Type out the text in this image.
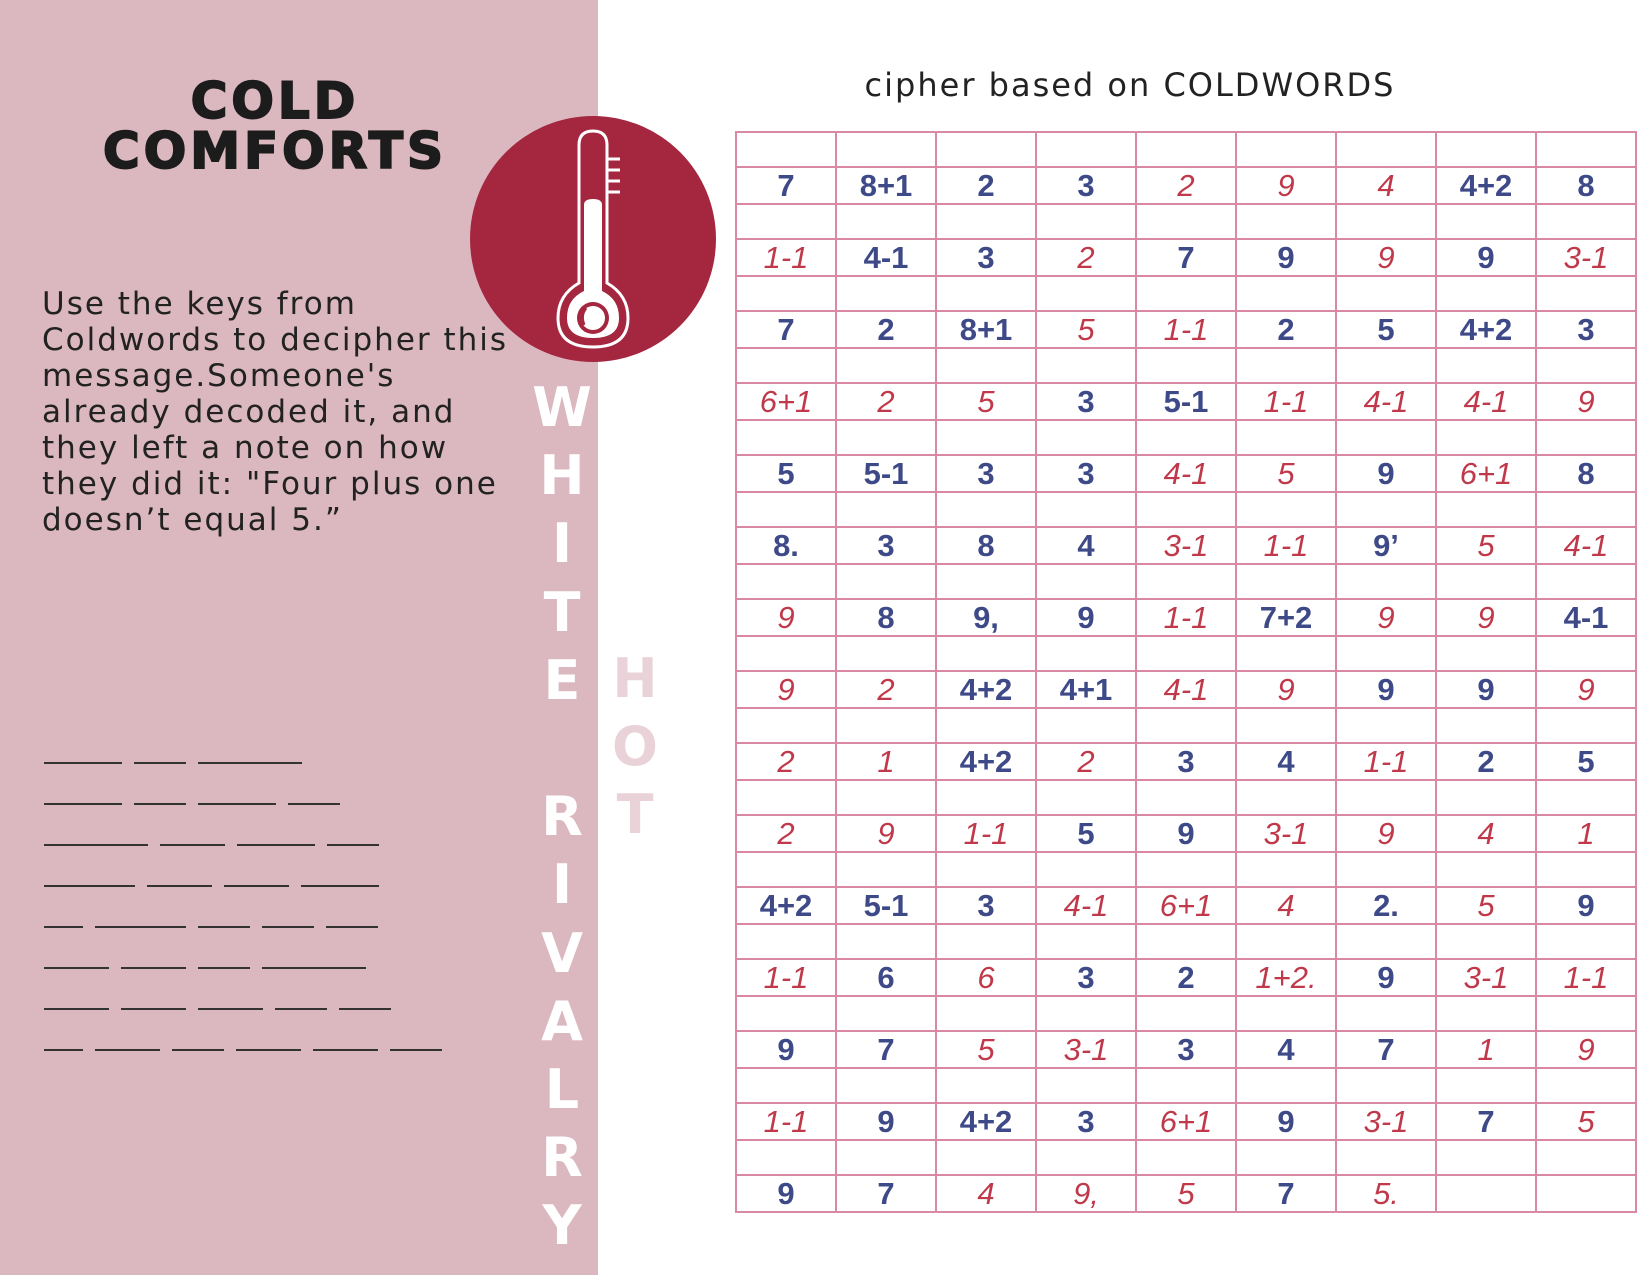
COLD
COMFORTS
Use the keys from Coldwords to decipher this message.Someone's already decoded it, and they left a note on how they did it: "Four plus one doesn’t equal 5.”
W
H
I
T
E
R
I
V
A
L
R
Y
H
O
T
cipher based on COLDWORDS

7	8+1	2	3	2	9	4	4+2	8

1-1	4-1	3	2	7	9	9	9	3-1

7	2	8+1	5	1-1	2	5	4+2	3

6+1	2	5	3	5-1	1-1	4-1	4-1	9

5	5-1	3	3	4-1	5	9	6+1	8

8.	3	8	4	3-1	1-1	9’	5	4-1

9	8	9,	9	1-1	7+2	9	9	4-1

9	2	4+2	4+1	4-1	9	9	9	9

2	1	4+2	2	3	4	1-1	2	5

2	9	1-1	5	9	3-1	9	4	1

4+2	5-1	3	4-1	6+1	4	2.	5	9

1-1	6	6	3	2	1+2.	9	3-1	1-1

9	7	5	3-1	3	4	7	1	9

1-1	9	4+2	3	6+1	9	3-1	7	5

9	7	4	9,	5	7	5.		
